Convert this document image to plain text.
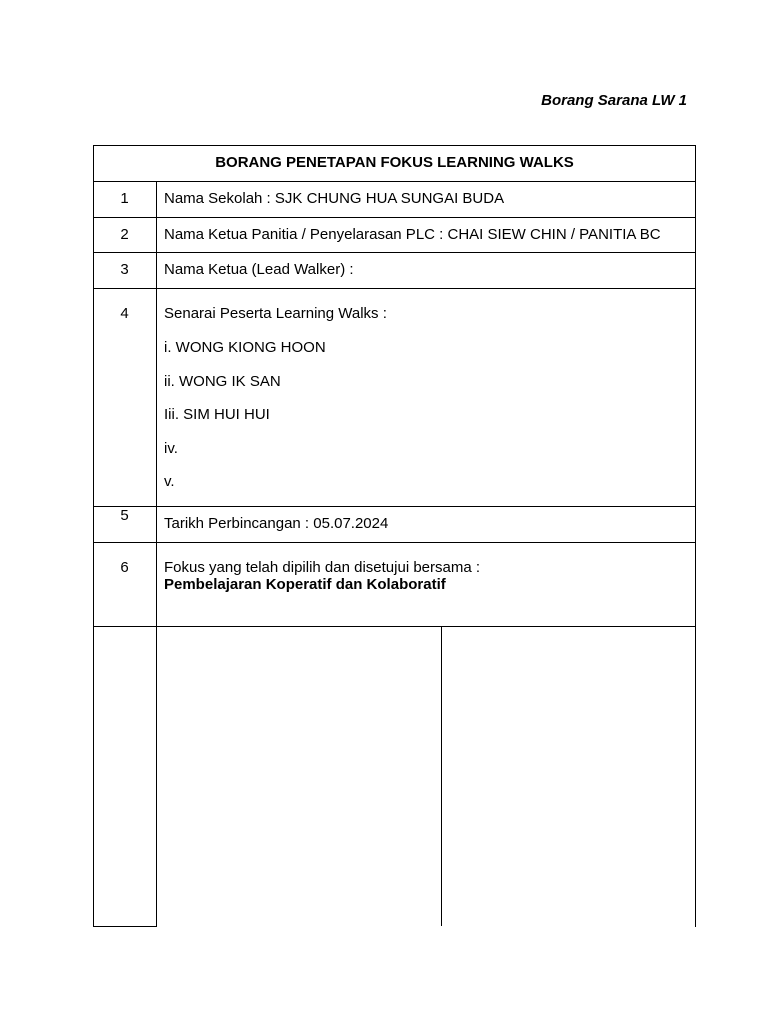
Borang Sarana LW 1
BORANG PENETAPAN FOKUS LEARNING WALKS
1	Nama Sekolah : SJK CHUNG HUA SUNGAI BUDA
2	Nama Ketua Panitia / Penyelarasan PLC : CHAI SIEW CHIN / PANITIA BC
3	Nama Ketua (Lead Walker) :
4	Senarai Peserta Learning Walks :
i. WONG KIONG HOON
ii. WONG IK SAN
Iii. SIM HUI HUI
iv.
v.
5	Tarikh Perbincangan : 05.07.2024
6	Fokus yang telah dipilih dan disetujui bersama :
Pembelajaran Koperatif dan Kolaboratif
